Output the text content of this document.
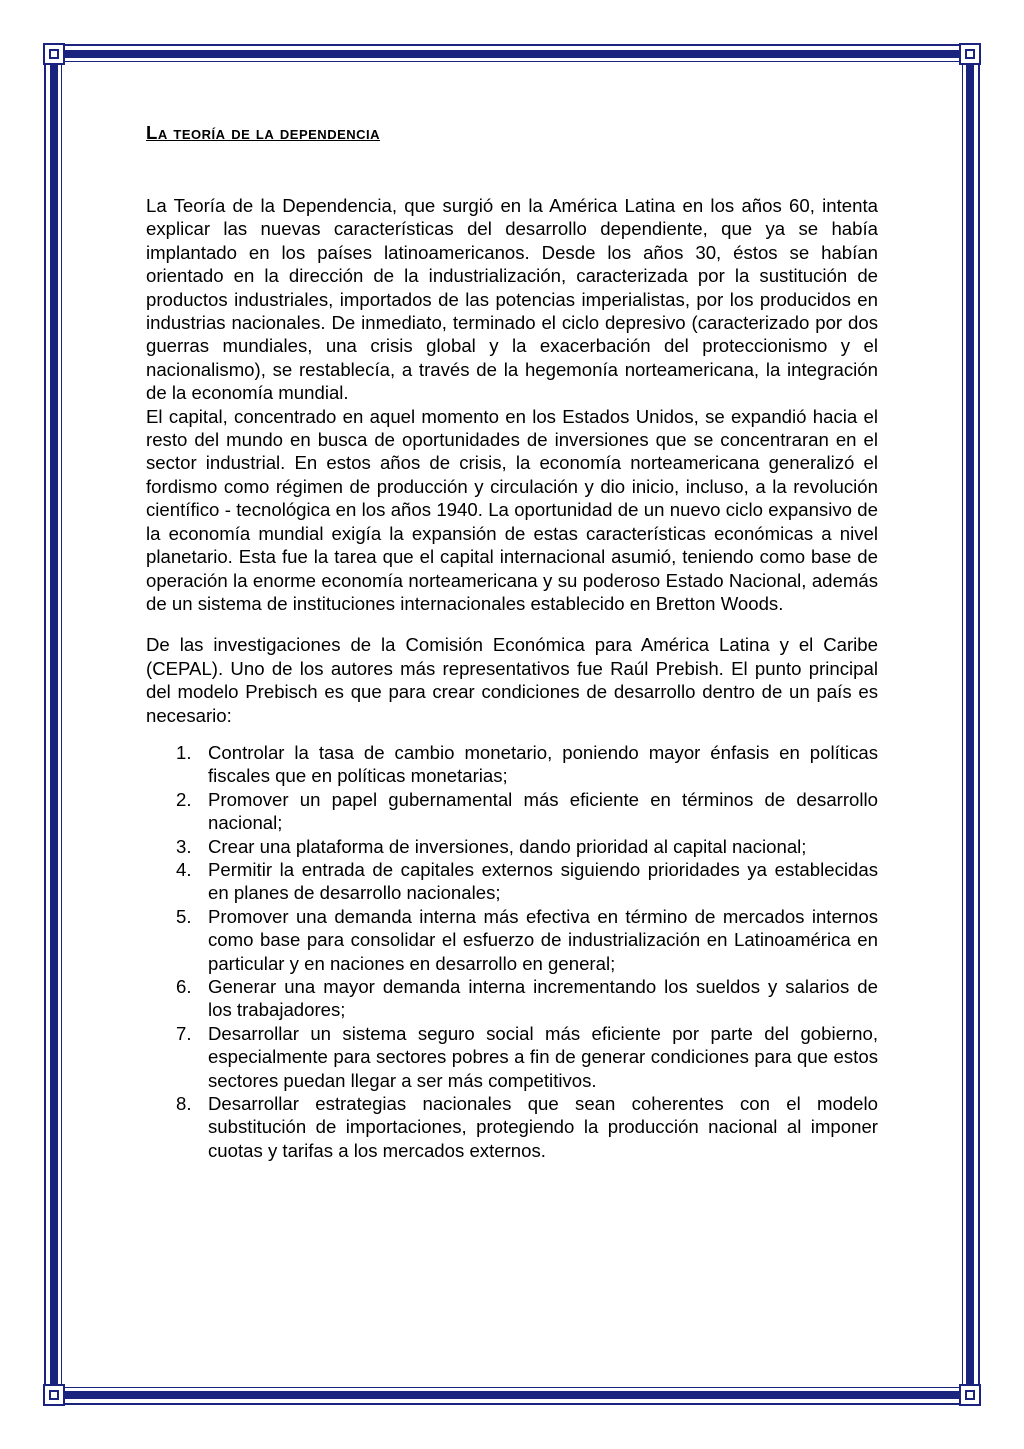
La teoría de la dependencia

La Teoría de la Dependencia, que surgió en la América Latina en los años 60, intenta explicar las nuevas características del desarrollo dependiente, que ya se había implantado en los países latinoamericanos. Desde los años 30, éstos se habían orientado en la dirección de la industrialización, caracterizada por la sustitución de productos industriales, importados de las potencias imperialistas, por los producidos en industrias nacionales. De inmediato, terminado el ciclo depresivo (caracterizado por dos guerras mundiales, una crisis global y la exacerbación del proteccionismo y el nacionalismo), se restablecía, a través de la hegemonía norteamericana, la integración de la economía mundial.

El capital, concentrado en aquel momento en los Estados Unidos, se expandió hacia el resto del mundo en busca de oportunidades de inversiones que se concentraran en el sector industrial. En estos años de crisis, la economía norteamericana generalizó el fordismo como régimen de producción y circulación y dio inicio, incluso, a la revolución científico - tecnológica en los años 1940. La oportunidad de un nuevo ciclo expansivo de la economía mundial exigía la expansión de estas características económicas a nivel planetario. Esta fue la tarea que el capital internacional asumió, teniendo como base de operación la enorme economía norteamericana y su poderoso Estado Nacional, además de un sistema de instituciones internacionales establecido en Bretton Woods.

De las investigaciones de la Comisión Económica para América Latina y el Caribe (CEPAL). Uno de los autores más representativos fue Raúl Prebish. El punto principal del modelo Prebisch es que para crear condiciones de desarrollo dentro de un país es necesario:

1. Controlar la tasa de cambio monetario, poniendo mayor énfasis en políticas fiscales que en políticas monetarias;
2. Promover un papel gubernamental más eficiente en términos de desarrollo nacional;
3. Crear una plataforma de inversiones, dando prioridad al capital nacional;
4. Permitir la entrada de capitales externos siguiendo prioridades ya establecidas en planes de desarrollo nacionales;
5. Promover una demanda interna más efectiva en término de mercados internos como base para consolidar el esfuerzo de industrialización en Latinoamérica en particular y en naciones en desarrollo en general;
6. Generar una mayor demanda interna incrementando los sueldos y salarios de los trabajadores;
7. Desarrollar un sistema seguro social más eficiente por parte del gobierno, especialmente para sectores pobres a fin de generar condiciones para que estos sectores puedan llegar a ser más competitivos.
8. Desarrollar estrategias nacionales que sean coherentes con el modelo substitución de importaciones, protegiendo la producción nacional al imponer cuotas y tarifas a los mercados externos.
